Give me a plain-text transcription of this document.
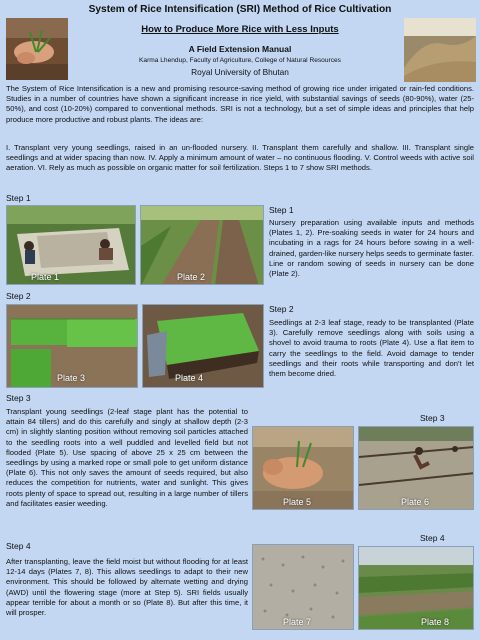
System of Rice Intensification (SRI) Method of Rice Cultivation
How to Produce More Rice with Less Inputs
A Field Extension Manual
Karma Lhendup, Faculty of Agriculture, College of Natural Resources
Royal University of Bhutan
The System of Rice Intensification is a new and promising resource-saving method of growing rice under irrigated or rain-fed conditions. Studies in a number of countries have shown a significant increase in rice yield, with substantial savings of seeds (80-90%), water (25-50%), and cost (10-20%) compared to conventional methods. SRI is not a technology, but a set of simple ideas and principles that help produce more productive and robust plants. The ideas are:
I. Transplant very young seedlings, raised in an un-flooded nursery. II. Transplant them carefully and shallow. III. Transplant single seedlings and at wider spacing than now. IV. Apply a minimum amount of water – no continuous flooding. V. Control weeds with active soil aeration. VI. Rely as much as possible on organic matter for soil fertilization. Steps 1 to 7 show SRI methods.
Step 1
Plate 1	Plate 2
Step 1
Nursery preparation using available inputs and methods (Plates 1, 2). Pre-soaking seeds in water for 24 hours and incubating in a rags for 24 hours before sowing in a well-drained, garden-like nursery helps seeds to germinate faster. Line or random sowing of seeds in nursery can be done (Plate 2).
Step 2
Plate 3	Plate 4
Step 2
Seedlings at 2-3 leaf stage, ready to be transplanted (Plate 3). Carefully remove seedlings along with soils using a shovel to avoid trauma to roots (Plate 4). Use a flat item to carry the seedlings to the field. Avoid damage to tender seedlings and their roots while transporting and don’t let them become dried.
Step 3
Transplant young seedlings (2-leaf stage plant has the potential to attain 84 tillers) and do this carefully and singly at shallow depth (2-3 cm) in slightly slanting position without removing soil particles attached to the seedling roots into a well puddled and levelled field but not flooded (Plate 5). Use spacing of above 25 x 25 cm between the seedlings by using a marked rope or small pole to get uniform distance (Plate 6). This not only saves the amount of seeds required, but also reduces the competition for nutrients, water and sunlight. This gives roots plenty of space to spread out, resulting in a large number of tillers and facilitates easier weeding.
Step 3
Plate 5	Plate 6
Step 4
After transplanting, leave the field moist but without flooding for at least 12-14 days (Plates 7, 8). This allows seedlings to adapt to their new environment. This should be followed by alternate wetting and drying (AWD) until the flowering stage (more at Step 5). SRI fields usually appear terrible for about a month or so (Plate 8). But after this time, it will prosper.
Step 4
Plate 7	Plate 8
